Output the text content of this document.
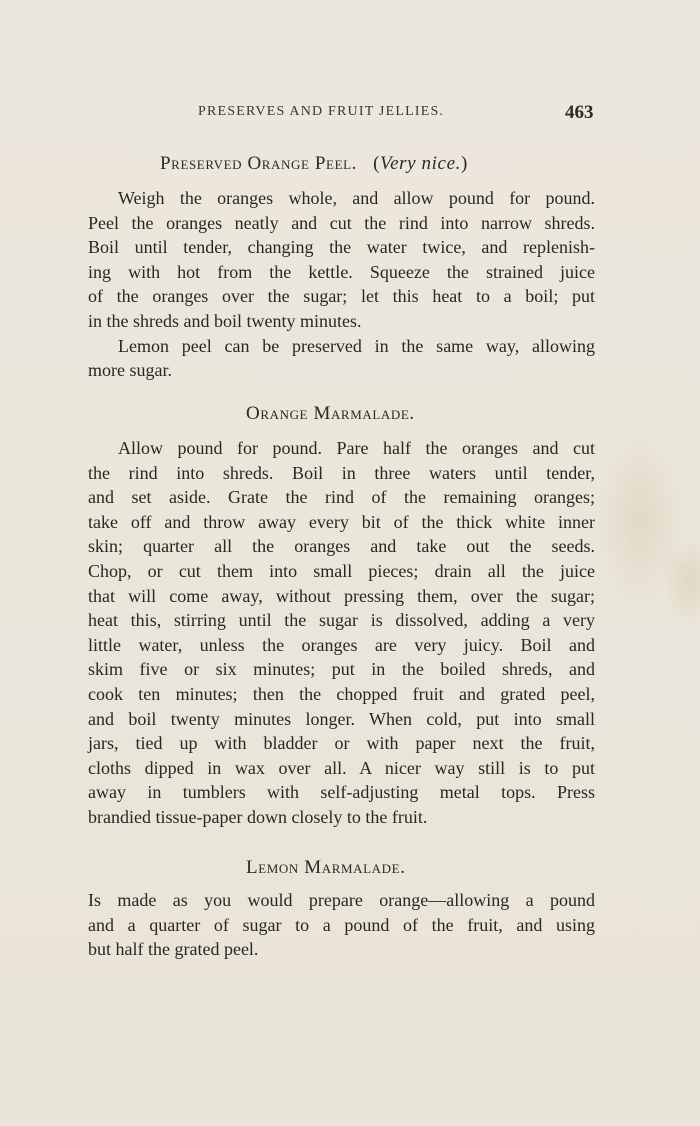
PRESERVES AND FRUIT JELLIES.	463
Preserved Orange Peel. (Very nice.)
Weigh the oranges whole, and allow pound for pound.
Peel the oranges neatly and cut the rind into narrow shreds.
Boil until tender, changing the water twice, and replenish-
ing with hot from the kettle. Squeeze the strained juice
of the oranges over the sugar; let this heat to a boil; put
in the shreds and boil twenty minutes.
Lemon peel can be preserved in the same way, allowing
more sugar.
Orange Marmalade.
Allow pound for pound. Pare half the oranges and cut
the rind into shreds. Boil in three waters until tender,
and set aside. Grate the rind of the remaining oranges;
take off and throw away every bit of the thick white inner
skin; quarter all the oranges and take out the seeds.
Chop, or cut them into small pieces; drain all the juice
that will come away, without pressing them, over the sugar;
heat this, stirring until the sugar is dissolved, adding a very
little water, unless the oranges are very juicy. Boil and
skim five or six minutes; put in the boiled shreds, and
cook ten minutes; then the chopped fruit and grated peel,
and boil twenty minutes longer. When cold, put into small
jars, tied up with bladder or with paper next the fruit,
cloths dipped in wax over all. A nicer way still is to put
away in tumblers with self-adjusting metal tops. Press
brandied tissue-paper down closely to the fruit.
Lemon Marmalade.
Is made as you would prepare orange—allowing a pound
and a quarter of sugar to a pound of the fruit, and using
but half the grated peel.
